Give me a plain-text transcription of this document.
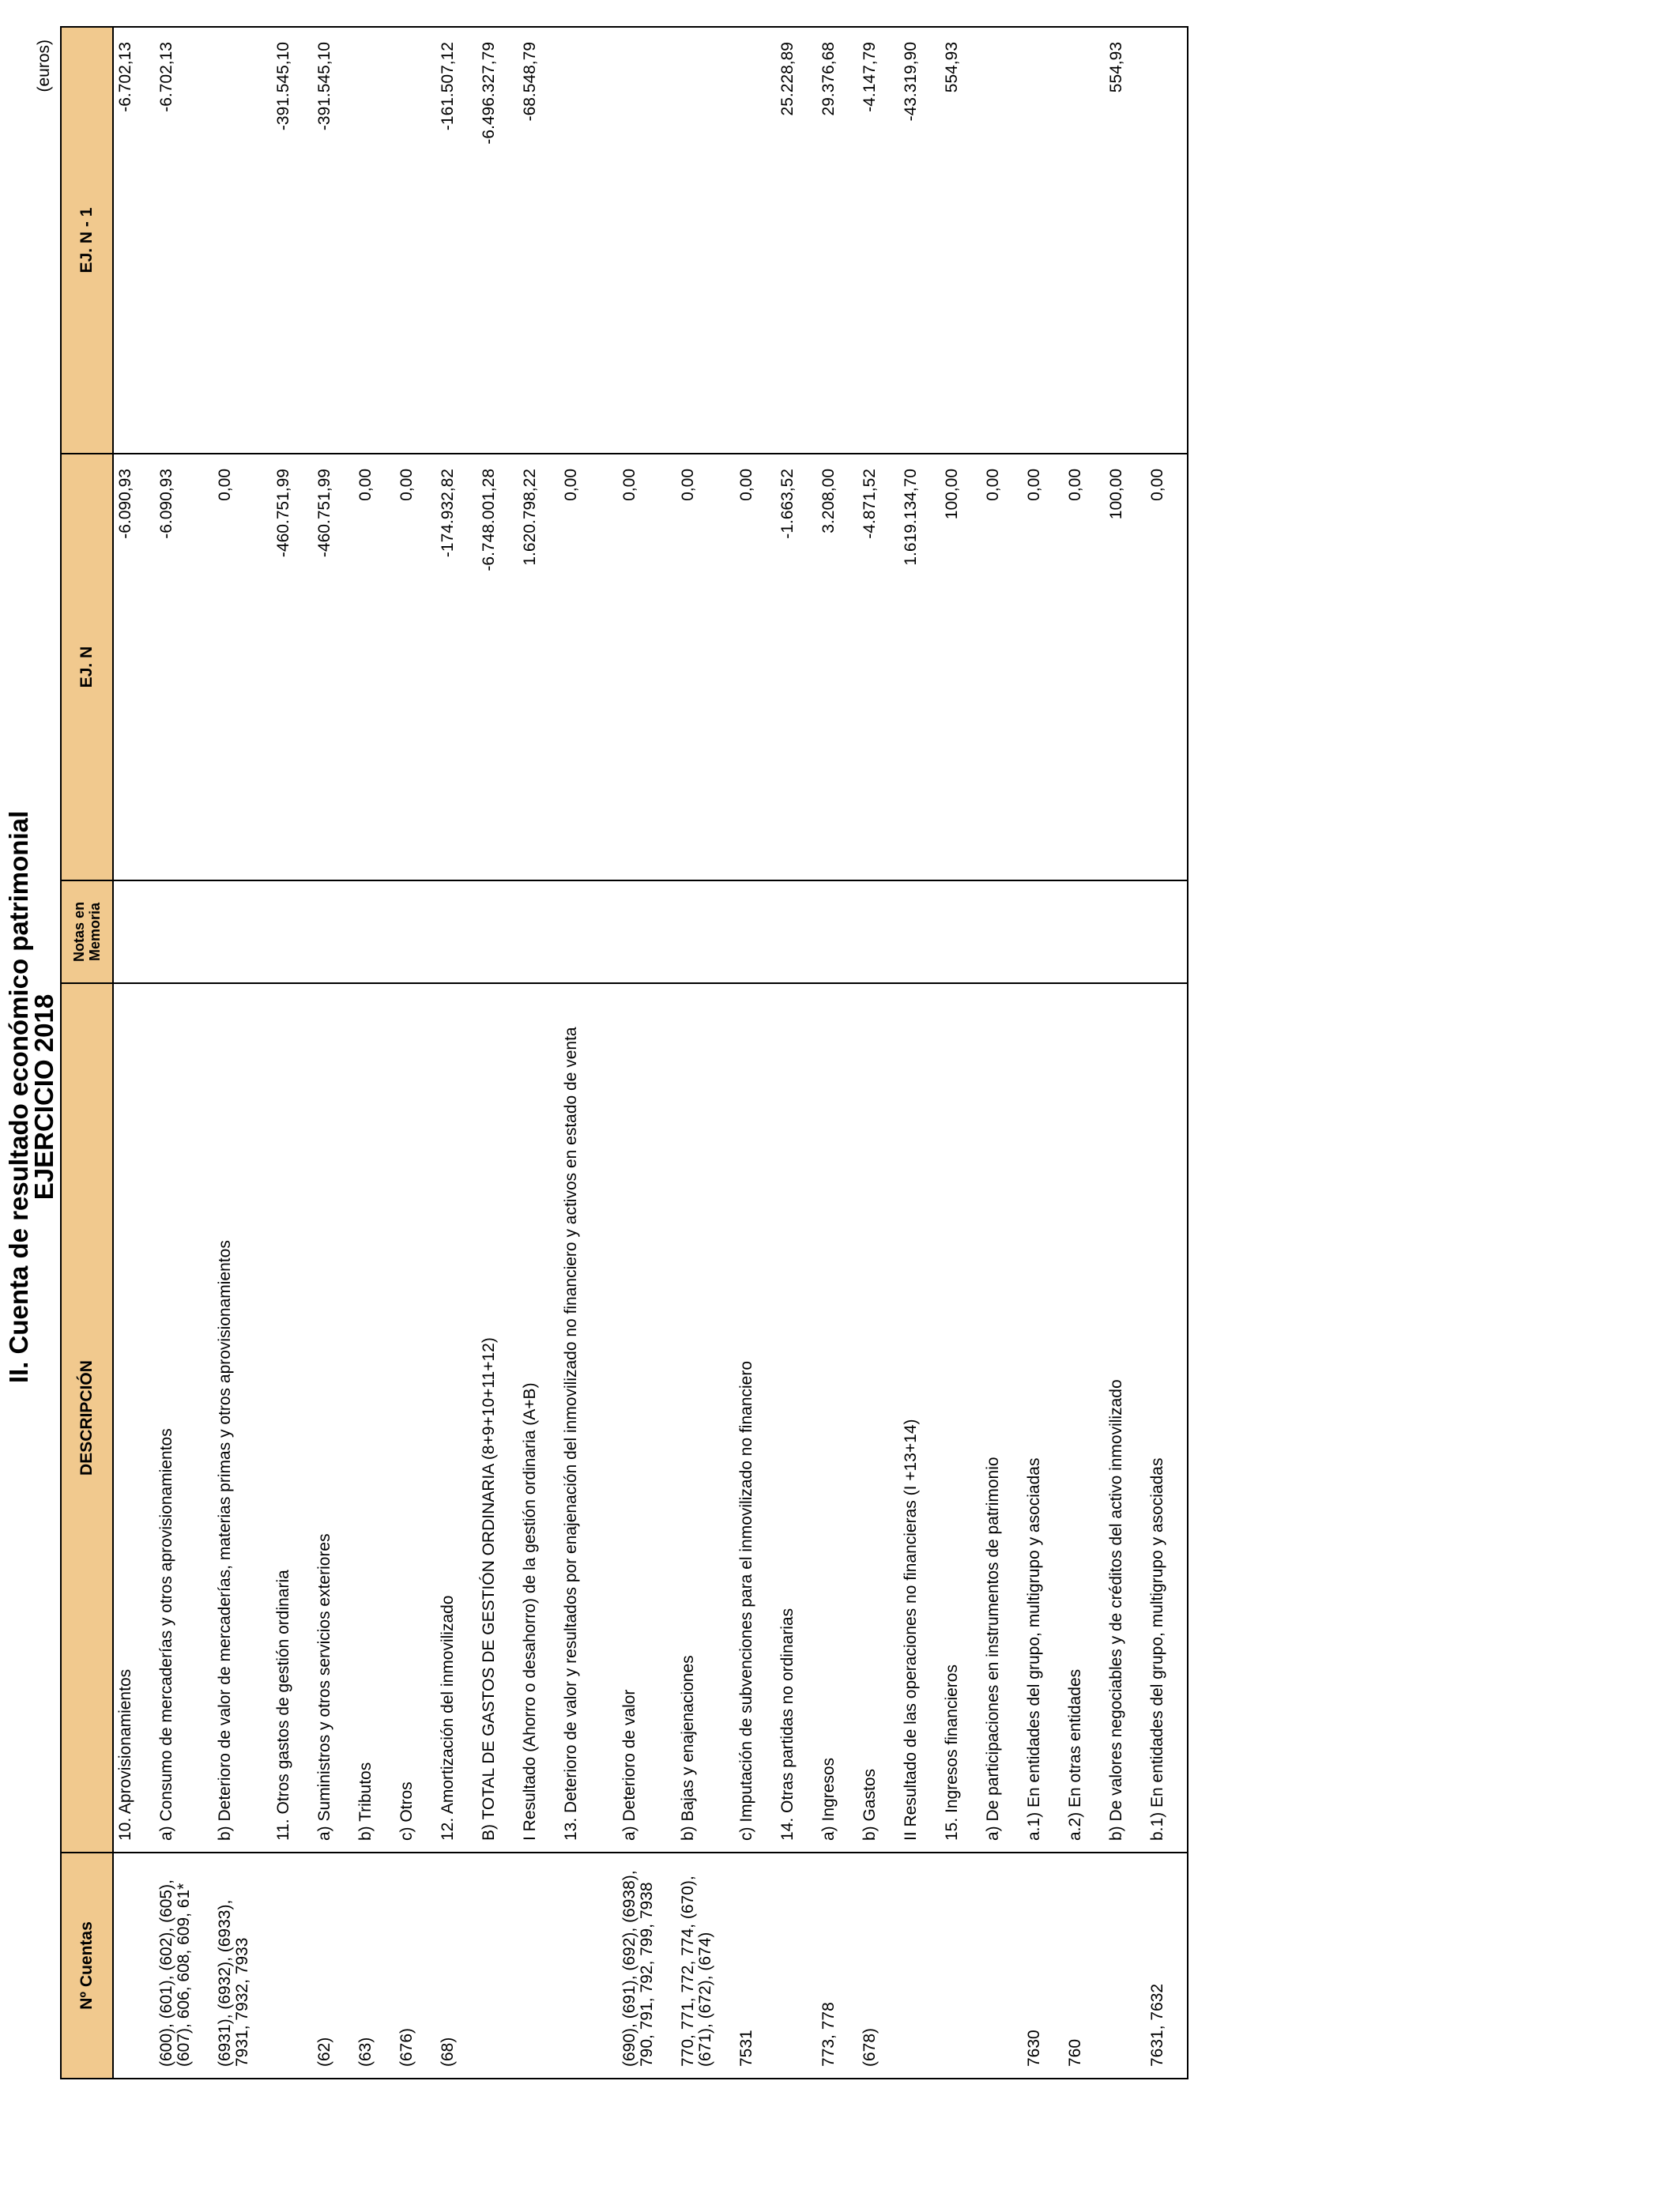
II. Cuenta de resultado económico patrimonial
EJERCICIO 2018
(euros)
Nº Cuentas	DESCRIPCIÓN	Notas en Memoria	EJ. N	EJ. N - 1
	10. Aprovisionamientos		-6.090,93	-6.702,13
(600), (601), (602), (605), (607), 606, 608, 609, 61*	a) Consumo de mercaderías y otros aprovisionamientos		-6.090,93	-6.702,13
(6931), (6932), (6933), 7931, 7932, 7933	b) Deterioro de valor de mercaderías, materias primas y otros aprovisionamientos		0,00	
	11. Otros gastos de gestión ordinaria		-460.751,99	-391.545,10
(62)	a) Suministros y otros servicios exteriores		-460.751,99	-391.545,10
(63)	b) Tributos		0,00	
(676)	c) Otros		0,00	
(68)	12. Amortización del inmovilizado		-174.932,82	-161.507,12
	B) TOTAL DE GASTOS DE GESTIÓN ORDINARIA (8+9+10+11+12)		-6.748.001,28	-6.496.327,79
	I Resultado (Ahorro o desahorro) de la gestión ordinaria (A+B)		1.620.798,22	-68.548,79
	13. Deterioro de valor y resultados por enajenación del inmovilizado no financiero y activos en estado de venta		0,00	
(690), (691), (692), (6938), 790, 791, 792, 799, 7938	a) Deterioro de valor		0,00	
770, 771, 772, 774, (670), (671), (672), (674)	b) Bajas y enajenaciones		0,00	
7531	c) Imputación de subvenciones para el inmovilizado no financiero		0,00	
	14. Otras partidas no ordinarias		-1.663,52	25.228,89
773, 778	a) Ingresos		3.208,00	29.376,68
(678)	b) Gastos		-4.871,52	-4.147,79
	II Resultado de las operaciones no financieras (I +13+14)		1.619.134,70	-43.319,90
	15. Ingresos financieros		100,00	554,93
	a) De participaciones en instrumentos de patrimonio		0,00	
7630	a.1) En entidades del grupo, multigrupo y asociadas		0,00	
760	a.2) En otras entidades		0,00	
	b) De valores negociables y de créditos del activo inmovilizado		100,00	554,93
7631, 7632	b.1) En entidades del grupo, multigrupo y asociadas		0,00	
